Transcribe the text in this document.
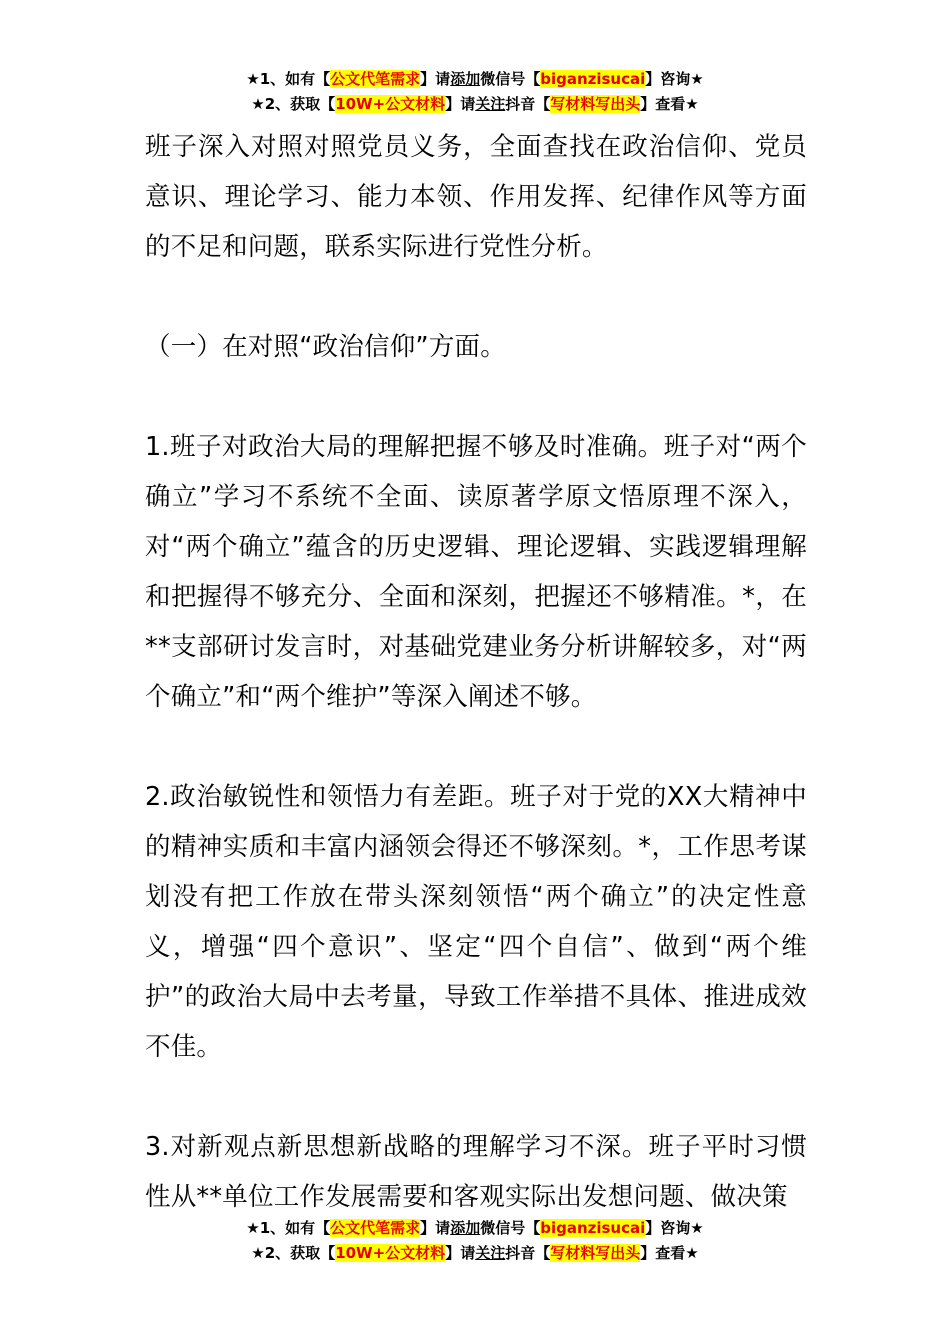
★1、如有【公文代笔需求】请添加微信号【biganzisucai】咨询★
★2、获取【10W+公文材料】请关注抖音【写材料写出头】查看★

班子深入对照对照党员义务，全面查找在政治信仰、党员意识、理论学习、能力本领、作用发挥、纪律作风等方面的不足和问题，联系实际进行党性分析。

（一）在对照“政治信仰”方面。

1.班子对政治大局的理解把握不够及时准确。班子对“两个确立”学习不系统不全面、读原著学原文悟原理不深入，对“两个确立”蕴含的历史逻辑、理论逻辑、实践逻辑理解和把握得不够充分、全面和深刻，把握还不够精准。*，在**支部研讨发言时，对基础党建业务分析讲解较多，对“两个确立”和“两个维护”等深入阐述不够。

2.政治敏锐性和领悟力有差距。班子对于党的XX大精神中的精神实质和丰富内涵领会得还不够深刻。*，工作思考谋划没有把工作放在带头深刻领悟“两个确立”的决定性意义，增强“四个意识”、坚定“四个自信”、做到“两个维护”的政治大局中去考量，导致工作举措不具体、推进成效不佳。

3.对新观点新思想新战略的理解学习不深。班子平时习惯性从**单位工作发展需要和客观实际出发想问题、做决策

★1、如有【公文代笔需求】请添加微信号【biganzisucai】咨询★
★2、获取【10W+公文材料】请关注抖音【写材料写出头】查看★
